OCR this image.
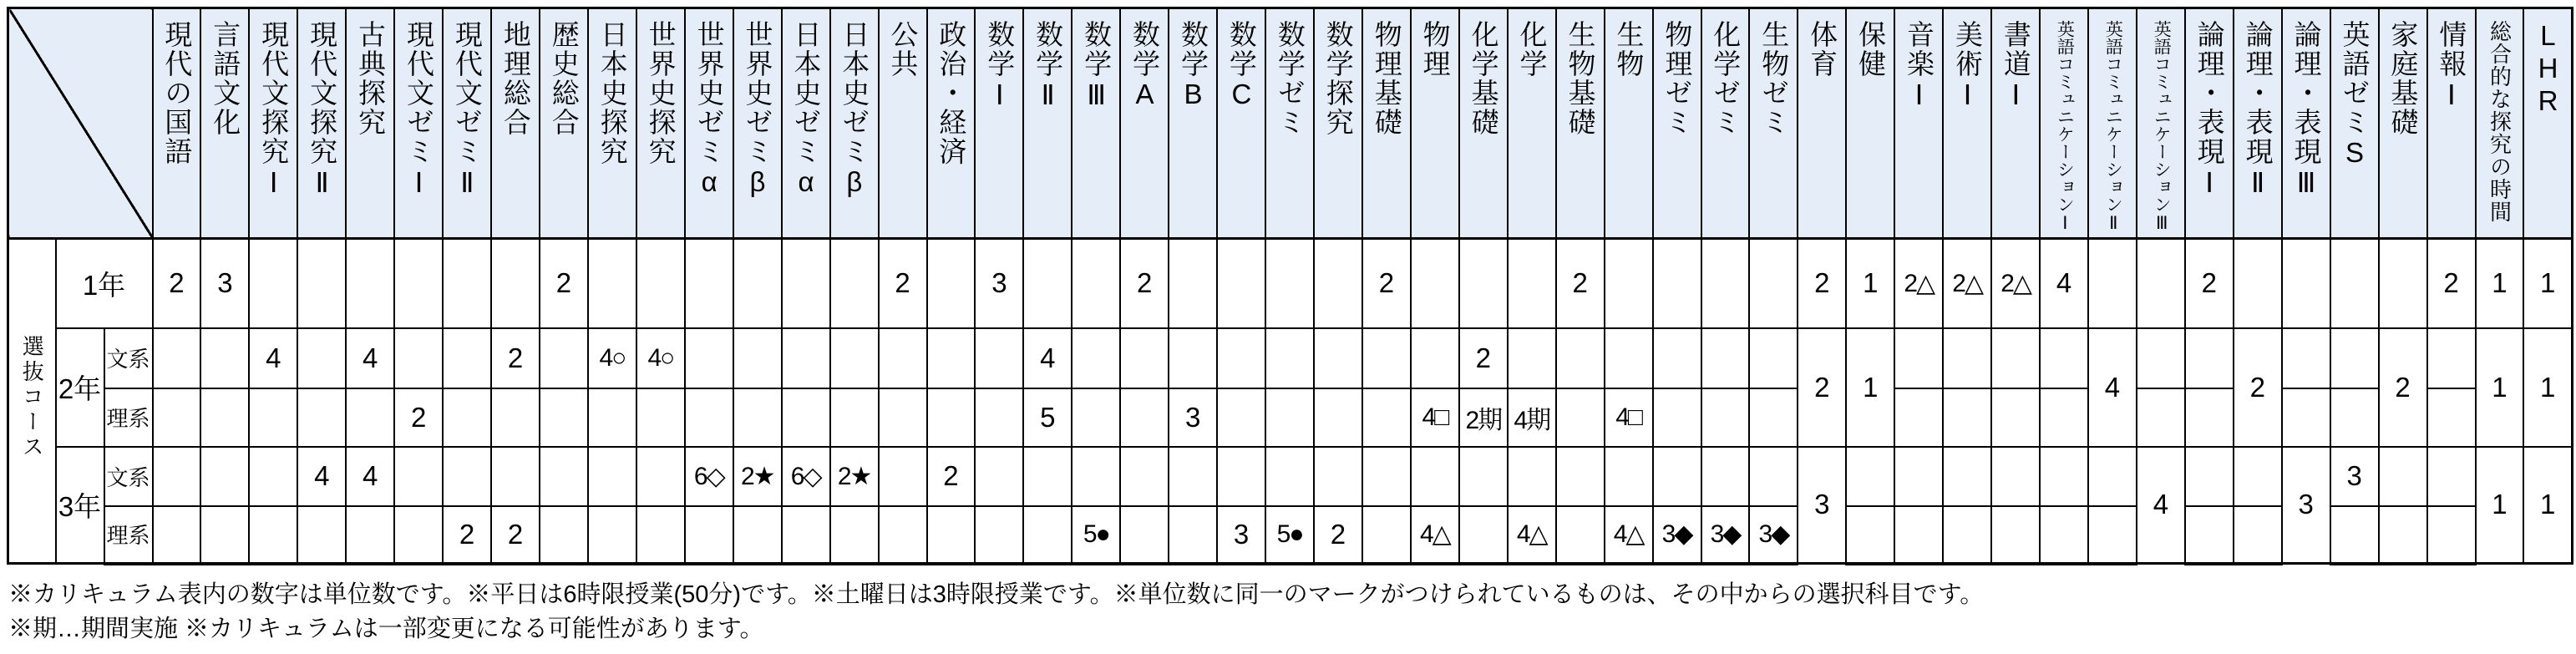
			現代の国語	言語文化	現代文探究Ⅰ	現代文探究Ⅱ	古典探究	現代文ゼミⅠ	現代文ゼミⅡ	地理総合	歴史総合	日本史探究	世界史探究	世界史ゼミα	世界史ゼミβ	日本史ゼミα	日本史ゼミβ	公共	政治・経済	数学Ⅰ	数学Ⅱ	数学Ⅲ	数学A	数学B	数学C	数学ゼミ	数学探究	物理基礎	物理	化学基礎	化学	生物基礎	生物	物理ゼミ	化学ゼミ	生物ゼミ	体育	保健	音楽Ⅰ	美術Ⅰ	書道Ⅰ	英語コミュニケーションⅠ	英語コミュニケーションⅡ	英語コミュニケーションⅢ	論理・表現Ⅰ	論理・表現Ⅱ	論理・表現Ⅲ	英語ゼミS	家庭基礎	情報Ⅰ	総合的な探究の時間	LHR
選抜コース	1年		2	3							2							2		3			2					2				2					2	1	2△	2△	2△	4			2					2	1	1
	2年	文系			4		4			2		4○	4○								4									2							2	1					4			2			2		1	1
		理系						2													5			3					4□	2期	4期		4□																			
	3年	文系				4	4							6◇	2★	6◇	2★		2																		3							4			3	3			1	1
		理系							2	2												5●			3	5●	2		4△		4△		4△	3◆	3◆	3◆																
※カリキュラム表内の数字は単位数です。※平日は6時限授業(50分)です。※土曜日は3時限授業です。※単位数に同一のマークがつけられているものは、その中からの選択科目です。
※期…期間実施 ※カリキュラムは一部変更になる可能性があります。
